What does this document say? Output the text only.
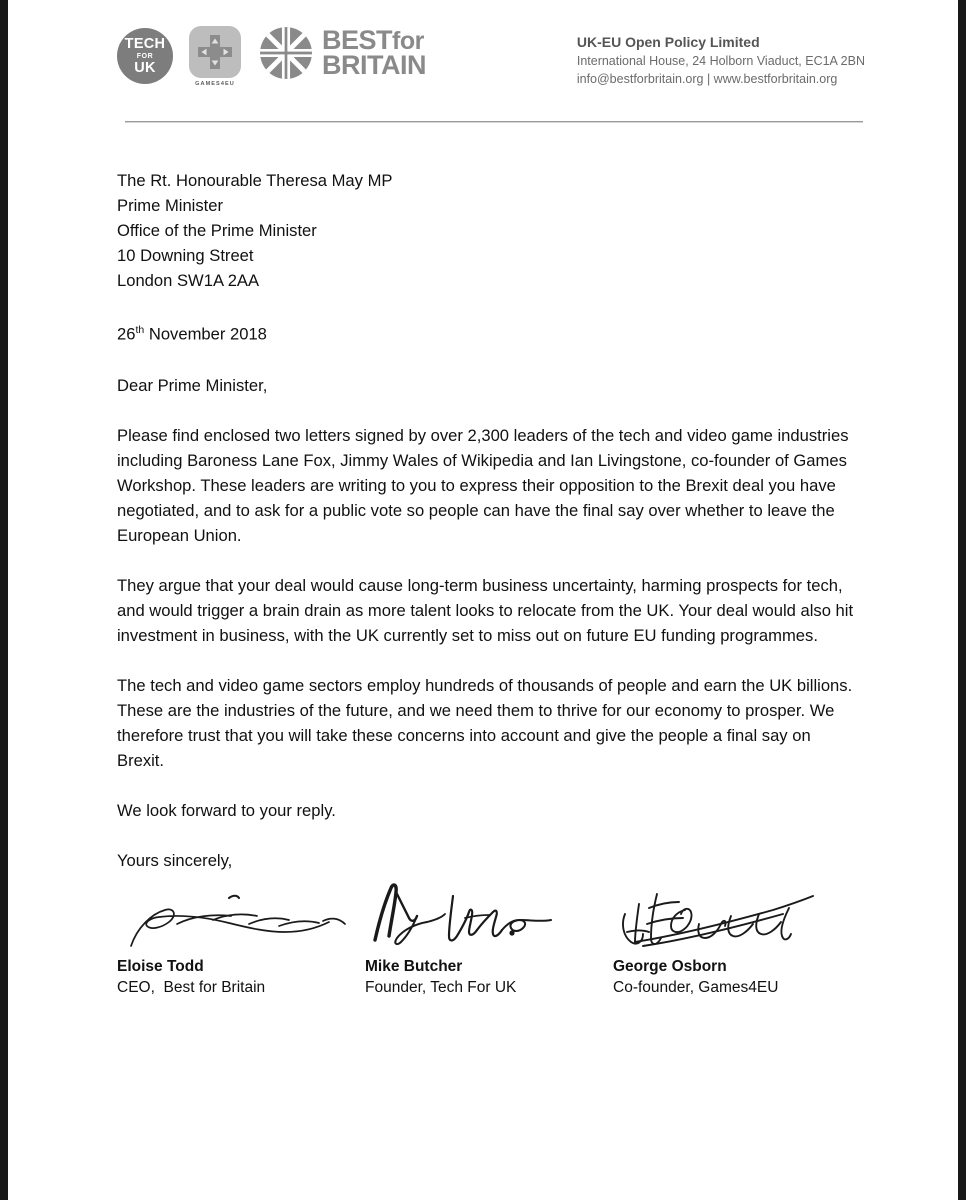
TECH
FOR
UK
GAMES4EU
BESTfor
BRITAIN
UK-EU Open Policy Limited
International House, 24 Holborn Viaduct, EC1A 2BN
info@bestforbritain.org | www.bestforbritain.org
The Rt. Honourable Theresa May MP
Prime Minister
Office of the Prime Minister
10 Downing Street
London SW1A 2AA
26th November 2018
Dear Prime Minister,
Please find enclosed two letters signed by over 2,300 leaders of the tech and video game industries including Baroness Lane Fox, Jimmy Wales of Wikipedia and Ian Livingstone, co-founder of Games Workshop. These leaders are writing to you to express their opposition to the Brexit deal you have negotiated, and to ask for a public vote so people can have the final say over whether to leave the European Union.
They argue that your deal would cause long-term business uncertainty, harming prospects for tech, and would trigger a brain drain as more talent looks to relocate from the UK. Your deal would also hit investment in business, with the UK currently set to miss out on future EU funding programmes.
The tech and video game sectors employ hundreds of thousands of people and earn the UK billions. These are the industries of the future, and we need them to thrive for our economy to prosper. We therefore trust that you will take these concerns into account and give the people a final say on Brexit.
We look forward to your reply.
Yours sincerely,
Eloise Todd
CEO,  Best for Britain
Mike Butcher
Founder, Tech For UK
George Osborn
Co-founder, Games4EU
